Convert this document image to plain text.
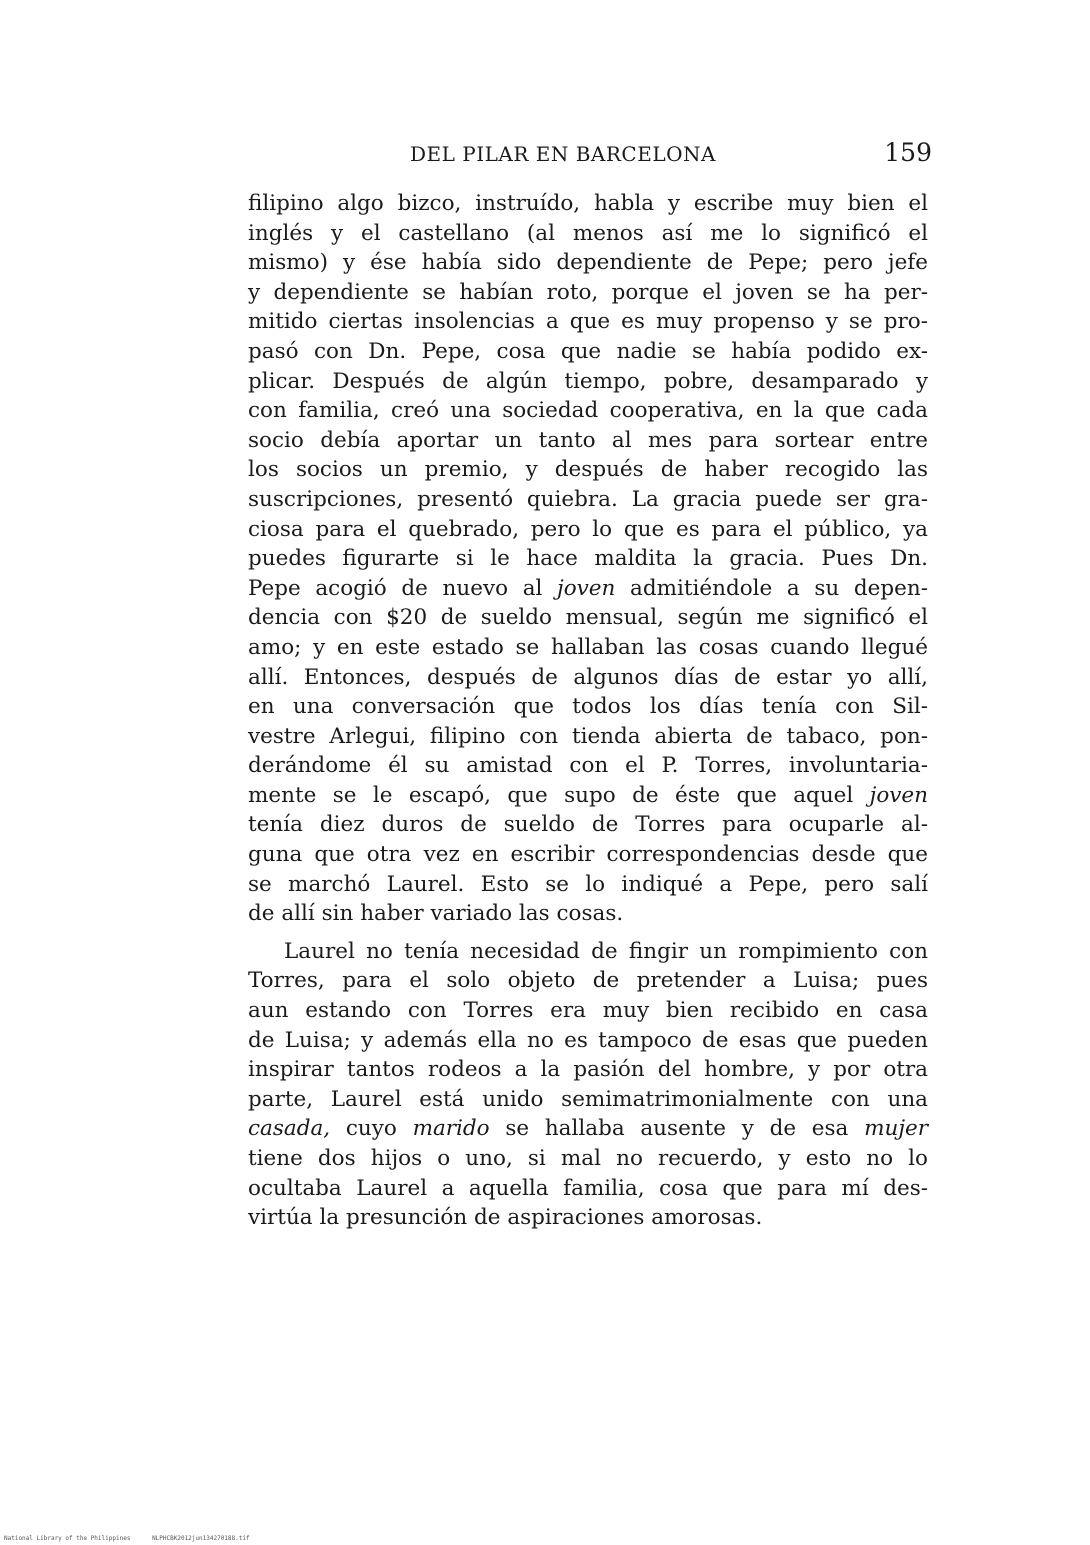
DEL PILAR EN BARCELONA	159
filipino algo bizco, instruído, habla y escribe muy bien el
inglés y el castellano (al menos así me lo significó el
mismo) y ése había sido dependiente de Pepe; pero jefe
y dependiente se habían roto, porque el joven se ha per-
mitido ciertas insolencias a que es muy propenso y se pro-
pasó con Dn. Pepe, cosa que nadie se había podido ex-
plicar. Después de algún tiempo, pobre, desamparado y
con familia, creó una sociedad cooperativa, en la que cada
socio debía aportar un tanto al mes para sortear entre
los socios un premio, y después de haber recogido las
suscripciones, presentó quiebra. La gracia puede ser gra-
ciosa para el quebrado, pero lo que es para el público, ya
puedes figurarte si le hace maldita la gracia. Pues Dn.
Pepe acogió de nuevo al joven admitiéndole a su depen-
dencia con $20 de sueldo mensual, según me significó el
amo; y en este estado se hallaban las cosas cuando llegué
allí. Entonces, después de algunos días de estar yo allí,
en una conversación que todos los días tenía con Sil-
vestre Arlegui, filipino con tienda abierta de tabaco, pon-
derándome él su amistad con el P. Torres, involuntaria-
mente se le escapó, que supo de éste que aquel joven
tenía diez duros de sueldo de Torres para ocuparle al-
guna que otra vez en escribir correspondencias desde que
se marchó Laurel. Esto se lo indiqué a Pepe, pero salí
de allí sin haber variado las cosas.
Laurel no tenía necesidad de fingir un rompimiento con
Torres, para el solo objeto de pretender a Luisa; pues
aun estando con Torres era muy bien recibido en casa
de Luisa; y además ella no es tampoco de esas que pueden
inspirar tantos rodeos a la pasión del hombre, y por otra
parte, Laurel está unido semimatrimonialmente con una
casada, cuyo marido se hallaba ausente y de esa mujer
tiene dos hijos o uno, si mal no recuerdo, y esto no lo
ocultaba Laurel a aquella familia, cosa que para mí des-
virtúa la presunción de aspiraciones amorosas.
National Library of the Philippines	NLPHCBK2012jun134270188.tif
